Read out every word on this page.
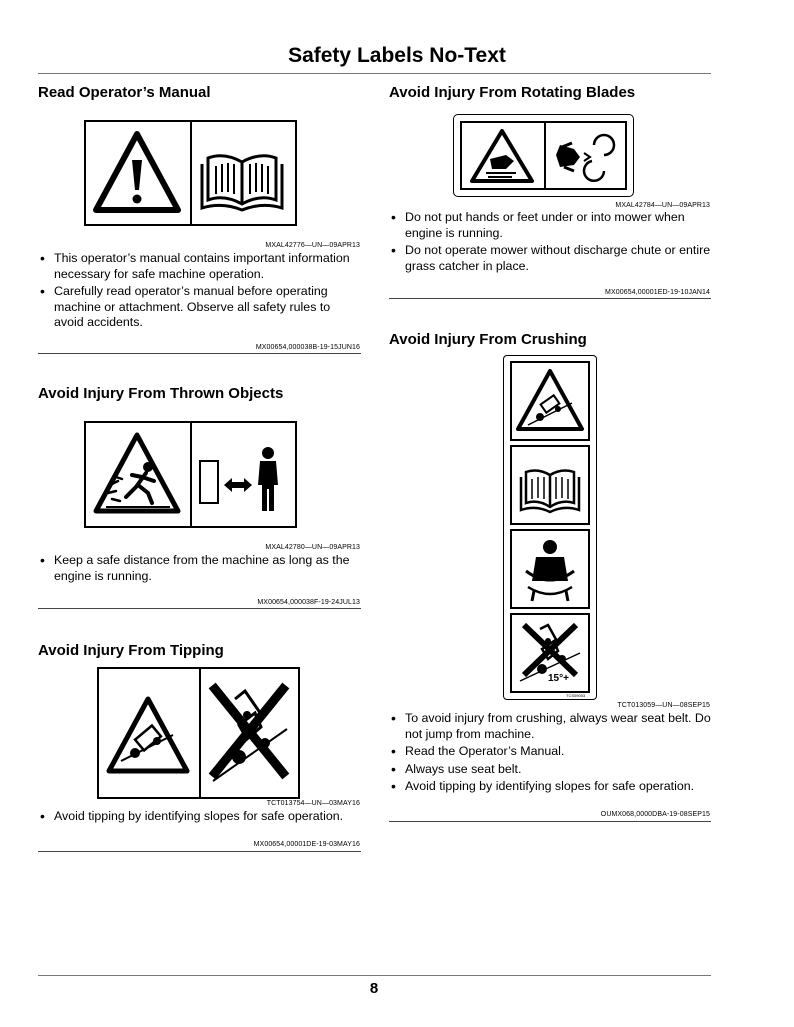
Safety Labels No-Text
Read Operator’s Manual
MXAL42776—UN—09APR13
• This operator’s manual contains important information necessary for safe machine operation.
• Carefully read operator’s manual before operating machine or attachment. Observe all safety rules to avoid accidents.
MX00654,000038B-19-15JUN16
Avoid Injury From Thrown Objects
MXAL42780—UN—09APR13
• Keep a safe distance from the machine as long as the engine is running.
MX00654,000038F-19-24JUL13
Avoid Injury From Tipping
TCT013754—UN—03MAY16
• Avoid tipping by identifying slopes for safe operation.
MX00654,00001DE-19-03MAY16
Avoid Injury From Rotating Blades
MXAL42784—UN—09APR13
• Do not put hands or feet under or into mower when engine is running.
• Do not operate mower without discharge chute or entire grass catcher in place.
MX00654,00001ED-19-10JAN14
Avoid Injury From Crushing
15°+
TCS09053
TCT013059—UN—08SEP15
• To avoid injury from crushing, always wear seat belt. Do not jump from machine.
• Read the Operator’s Manual.
• Always use seat belt.
• Avoid tipping by identifying slopes for safe operation.
OUMX068,0000DBA-19-08SEP15
8
